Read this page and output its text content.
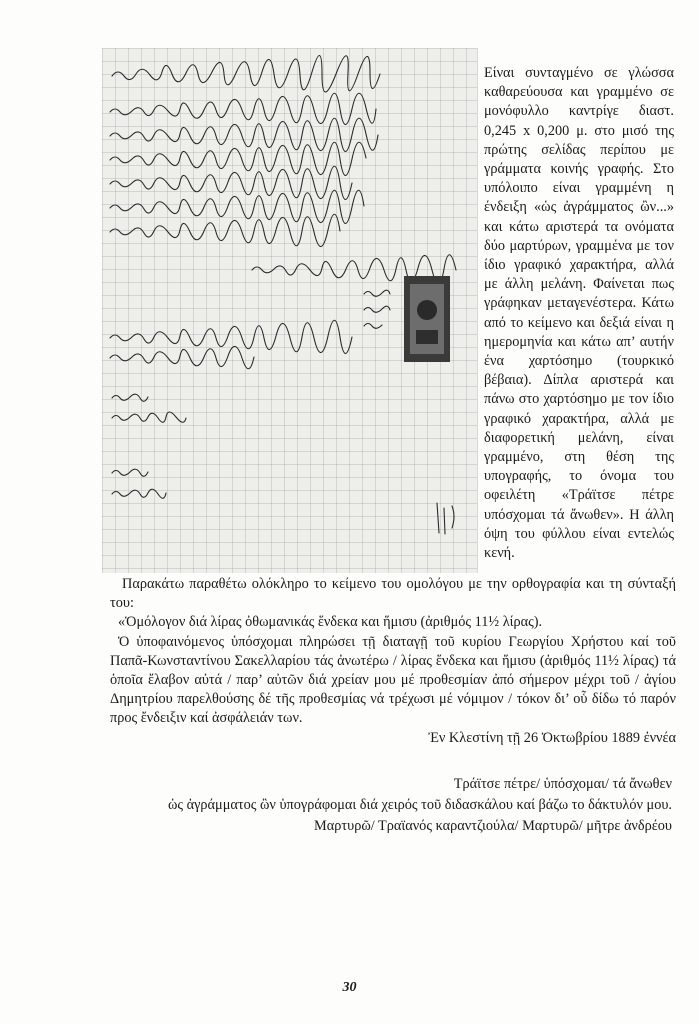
Είναι συνταγμένο σε γλώσσα καθαρεύουσα και γραμμένο σε μονόφυλλο καντρίγε διαστ. 0,245 x 0,200 μ. στο μισό της πρώτης σελίδας περίπου με γράμματα κοινής γραφής. Στο υπόλοιπο είναι γραμμένη η ένδειξη «ὡς ἀγράμματος ὢν...» και κάτω αριστερά τα ονόματα δύο μαρτύρων, γραμμένα με τον ίδιο γραφικό χαρακτήρα, αλλά με άλλη μελάνη. Φαίνεται πως γράφηκαν μεταγενέστερα. Κάτω από το κείμενο και δεξιά είναι η ημερομηνία και κάτω απ’ αυτήν ένα χαρτόσημο (τουρκικό βέβαια). Δίπλα αριστερά και πάνω στο χαρτόσημο με τον ίδιο γραφικό χαρακτήρα, αλλά με διαφορετική μελάνη, είναι γραμμένο, στη θέση της υπογραφής, το όνομα του οφειλέτη «Τράϊτσε πέτρε υπόσχομαι τά ἄνωθεν». Η άλλη όψη του φύλλου είναι εντελώς κενή.

Παρακάτω παραθέτω ολόκληρο το κείμενο του ομολόγου με την ορθογραφία και τη σύνταξή του:

«Ὁμόλογον διά λίρας ὀθωμανικάς ἕνδεκα και ἥμισυ (ἀριθμός 11½ λίρας).

Ὁ ὑποφαινόμενος ὑπόσχομαι πληρώσει τῇ διαταγῇ τοῦ κυρίου Γεωργίου Χρήστου καί τοῦ Παπᾶ-Κωνσταντίνου Σακελλαρίου τάς ἀνωτέρω / λίρας ἕνδεκα και ἥμισυ (ἀριθμός 11½ λίρας) τά ὁποῖα ἔλαβον αὐτά / παρ’ αὐτῶν διά χρείαν μου μέ προθεσμίαν ἀπό σήμερον μέχρι τοῦ / ἁγίου Δημητρίου παρελθούσης δέ τῆς προθεσμίας νά τρέχωσι μέ νόμιμον / τόκον δι’ οὗ δίδω τό παρόν προς ἔνδειξιν καί ἀσφάλειάν των.

Ἐν Κλεστίνη τῇ 26 Ὀκτωβρίου 1889 ἐννέα

Τράϊτσε πέτρε/ ὑπόσχομαι/ τά ἄνωθεν
ὡς ἀγράμματος ὢν ὑπογράφομαι διά χειρός τοῦ διδασκάλου καί βάζω το δάκτυλόν μου.
Μαρτυρῶ/ Τραϊανός καραντζιούλα/ Μαρτυρῶ/ μῆτρε ἀνδρέου
30
